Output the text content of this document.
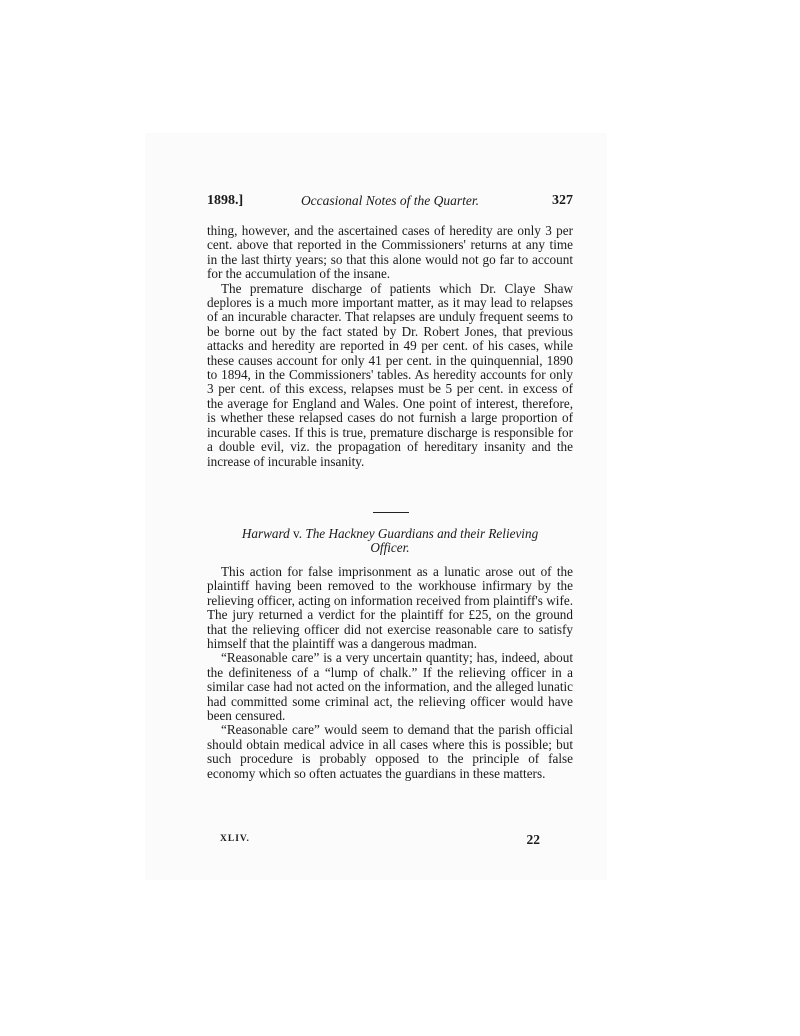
1898.]	Occasional Notes of the Quarter.	327

thing, however, and the ascertained cases of heredity are only 3 per cent. above that reported in the Commissioners' returns at any time in the last thirty years; so that this alone would not go far to account for the accumulation of the insane.

The premature discharge of patients which Dr. Claye Shaw deplores is a much more important matter, as it may lead to relapses of an incurable character. That relapses are unduly frequent seems to be borne out by the fact stated by Dr. Robert Jones, that previous attacks and heredity are reported in 49 per cent. of his cases, while these causes account for only 41 per cent. in the quinquennial, 1890 to 1894, in the Commissioners' tables. As heredity accounts for only 3 per cent. of this excess, relapses must be 5 per cent. in excess of the average for England and Wales. One point of interest, therefore, is whether these relapsed cases do not furnish a large proportion of incurable cases. If this is true, premature discharge is responsible for a double evil, viz. the propagation of hereditary insanity and the increase of incurable insanity.

Harward v. The Hackney Guardians and their Relieving Officer.

This action for false imprisonment as a lunatic arose out of the plaintiff having been removed to the workhouse infirmary by the relieving officer, acting on information received from plaintiff's wife. The jury returned a verdict for the plaintiff for £25, on the ground that the relieving officer did not exercise reasonable care to satisfy himself that the plaintiff was a dangerous madman.

“Reasonable care” is a very uncertain quantity; has, indeed, about the definiteness of a “lump of chalk.” If the relieving officer in a similar case had not acted on the information, and the alleged lunatic had committed some criminal act, the relieving officer would have been censured.

“Reasonable care” would seem to demand that the parish official should obtain medical advice in all cases where this is possible; but such procedure is probably opposed to the principle of false economy which so often actuates the guardians in these matters.

XLIV.	22
